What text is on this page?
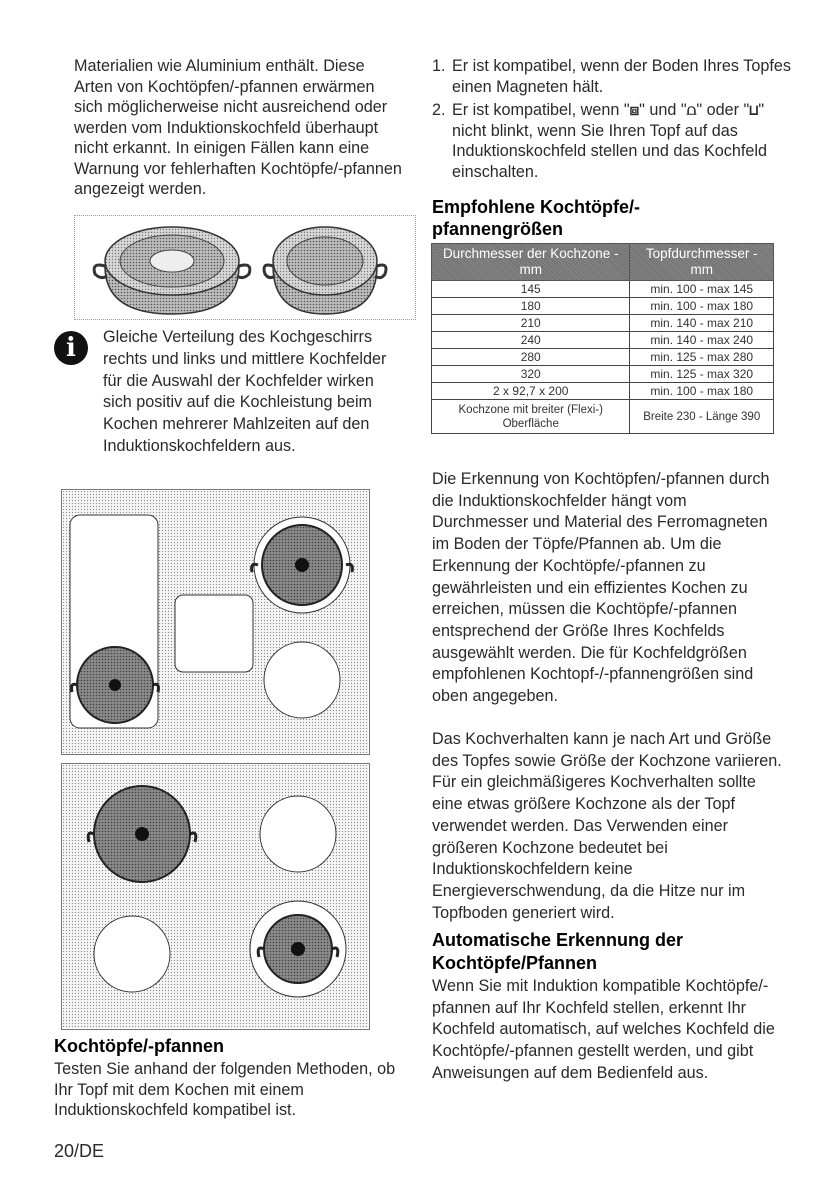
Materialien wie Aluminium enthält. Diese Arten von Kochtöpfen/-pfannen erwärmen sich möglicherweise nicht ausreichend oder werden vom Induktionskochfeld überhaupt nicht erkannt. In einigen Fällen kann eine Warnung vor fehlerhaften Kochtöpfe/-pfannen angezeigt werden.
i	Gleiche Verteilung des Kochgeschirrs rechts und links und mittlere Kochfelder für die Auswahl der Kochfelder wirken sich positiv auf die Kochleistung beim Kochen mehrerer Mahlzeiten auf den Induktionskochfeldern aus.
Kochtöpfe/-pfannen
Testen Sie anhand der folgenden Methoden, ob Ihr Topf mit dem Kochen mit einem Induktionskochfeld kompatibel ist.
1. Er ist kompatibel, wenn der Boden Ihres Topfes einen Magneten hält.
2. Er ist kompatibel, wenn "⧈" und "⩍" oder "⊔" nicht blinkt, wenn Sie Ihren Topf auf das Induktionskochfeld stellen und das Kochfeld einschalten.
Empfohlene Kochtöpfe/-pfannengrößen
Durchmesser der Kochzone - mm	Topfdurchmesser - mm
145	min. 100 - max 145
180	min. 100 - max 180
210	min. 140 - max 210
240	min. 140 - max 240
280	min. 125 - max 280
320	min. 125 - max 320
2 x 92,7 x 200	min. 100 - max 180
Kochzone mit breiter (Flexi-) Oberfläche	Breite 230 - Länge 390
Die Erkennung von Kochtöpfen/-pfannen durch die Induktionskochfelder hängt vom Durchmesser und Material des Ferromagneten im Boden der Töpfe/Pfannen ab. Um die Erkennung der Kochtöpfe/-pfannen zu gewährleisten und ein effizientes Kochen zu erreichen, müssen die Kochtöpfe/-pfannen entsprechend der Größe Ihres Kochfelds ausgewählt werden. Die für Kochfeldgrößen empfohlenen Kochtopf-/-pfannengrößen sind oben angegeben.
Das Kochverhalten kann je nach Art und Größe des Topfes sowie Größe der Kochzone variieren. Für ein gleichmäßigeres Kochverhalten sollte eine etwas größere Kochzone als der Topf verwendet werden. Das Verwenden einer größeren Kochzone bedeutet bei Induktionskochfeldern keine Energieverschwendung, da die Hitze nur im Topfboden generiert wird.
Automatische Erkennung der Kochtöpfe/Pfannen
Wenn Sie mit Induktion kompatible Kochtöpfe/-pfannen auf Ihr Kochfeld stellen, erkennt Ihr Kochfeld automatisch, auf welches Kochfeld die Kochtöpfe/-pfannen gestellt werden, und gibt Anweisungen auf dem Bedienfeld aus.
20/DE
